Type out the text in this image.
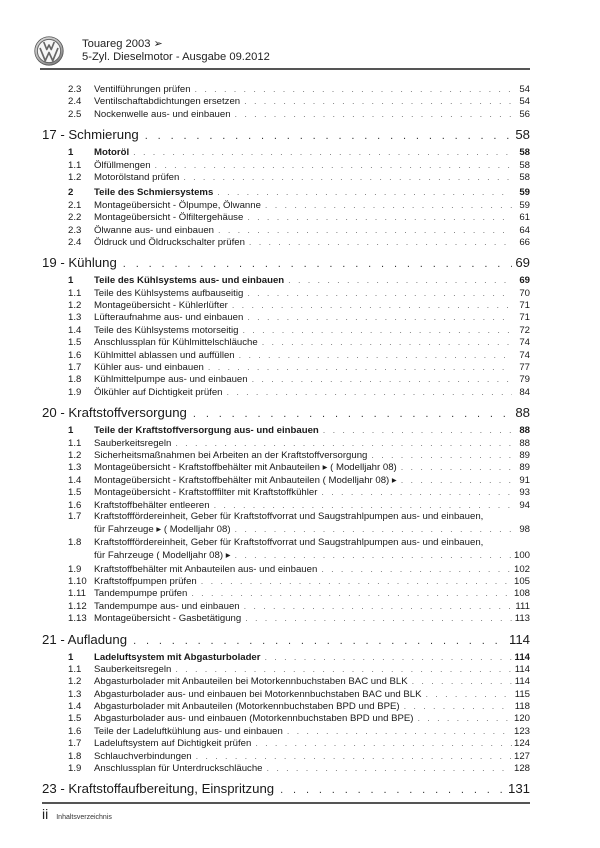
Touareg 2003 ➢
5-Zyl. Dieselmotor - Ausgabe 09.2012
2.3	Ventilführungen prüfen . . .	54
2.4	Ventilschaftabdichtungen ersetzen . . .	54
2.5	Nockenwelle aus- und einbauen . . .	56
17 - Schmierung . . .	58
1	Motoröl . . .	58
1.1	Ölfüllmengen . . .	58
1.2	Motorölstand prüfen . . .	58
2	Teile des Schmiersystems . . .	59
2.1	Montageübersicht - Ölpumpe, Ölwanne . . .	59
2.2	Montageübersicht - Ölfiltergehäuse . . .	61
2.3	Ölwanne aus- und einbauen . . .	64
2.4	Öldruck und Öldruckschalter prüfen . . .	66
19 - Kühlung . . .	69
1	Teile des Kühlsystems aus- und einbauen . . .	69
1.1	Teile des Kühlsystems aufbauseitig . . .	70
1.2	Montageübersicht - Kühlerlüfter . . .	71
1.3	Lüfteraufnahme aus- und einbauen . . .	71
1.4	Teile des Kühlsystems motorseitig . . .	72
1.5	Anschlussplan für Kühlmittelschläuche . . .	74
1.6	Kühlmittel ablassen und auffüllen . . .	74
1.7	Kühler aus- und einbauen . . .	77
1.8	Kühlmittelpumpe aus- und einbauen . . .	79
1.9	Ölkühler auf Dichtigkeit prüfen . . .	84
20 - Kraftstoffversorgung . . .	88
1	Teile der Kraftstoffversorgung aus- und einbauen . . .	88
1.1	Sauberkeitsregeln . . .	88
1.2	Sicherheitsmaßnahmen bei Arbeiten an der Kraftstoffversorgung . . .	89
1.3	Montageübersicht - Kraftstoffbehälter mit Anbauteilen ▸ ( Modelljahr 08) . . .	89
1.4	Montageübersicht - Kraftstoffbehälter mit Anbauteilen ( Modelljahr 08) ▸ . . .	91
1.5	Montageübersicht - Kraftstofffilter mit Kraftstoffkühler . . .	93
1.6	Kraftstoffbehälter entleeren . . .	94
1.7	Kraftstofffördereinheit, Geber für Kraftstoffvorrat und Saugstrahlpumpen aus- und einbauen,
für Fahrzeuge ▸ ( Modelljahr 08) . . .	98
1.8	Kraftstofffördereinheit, Geber für Kraftstoffvorrat und Saugstrahlpumpen aus- und einbauen,
für Fahrzeuge ( Modelljahr 08) ▸ . . .	100
1.9	Kraftstoffbehälter mit Anbauteilen aus- und einbauen . . .	102
1.10 Kraftstoffpumpen prüfen . . .	105
1.11 Tandempumpe prüfen . . .	108
1.12 Tandempumpe aus- und einbauen . . .	111
1.13 Montageübersicht - Gasbetätigung . . .	113
21 - Aufladung . . .	114
1	Ladeluftsystem mit Abgasturbolader . . .	114
1.1	Sauberkeitsregeln . . .	114
1.2	Abgasturbolader mit Anbauteilen bei Motorkennbuchstaben BAC und BLK . . .	114
1.3	Abgasturbolader aus- und einbauen bei Motorkennbuchstaben BAC und BLK . . .	115
1.4	Abgasturbolader mit Anbauteilen (Motorkennbuchstaben BPD und BPE) . . .	118
1.5	Abgasturbolader aus- und einbauen (Motorkennbuchstaben BPD und BPE) . . .	120
1.6	Teile der Ladeluftkühlung aus- und einbauen . . .	123
1.7	Ladeluftsystem auf Dichtigkeit prüfen . . .	124
1.8	Schlauchverbindungen . . .	127
1.9	Anschlussplan für Unterdruckschläuche . . .	128
23 - Kraftstoffaufbereitung, Einspritzung . . .	131
ii Inhaltsverzeichnis
